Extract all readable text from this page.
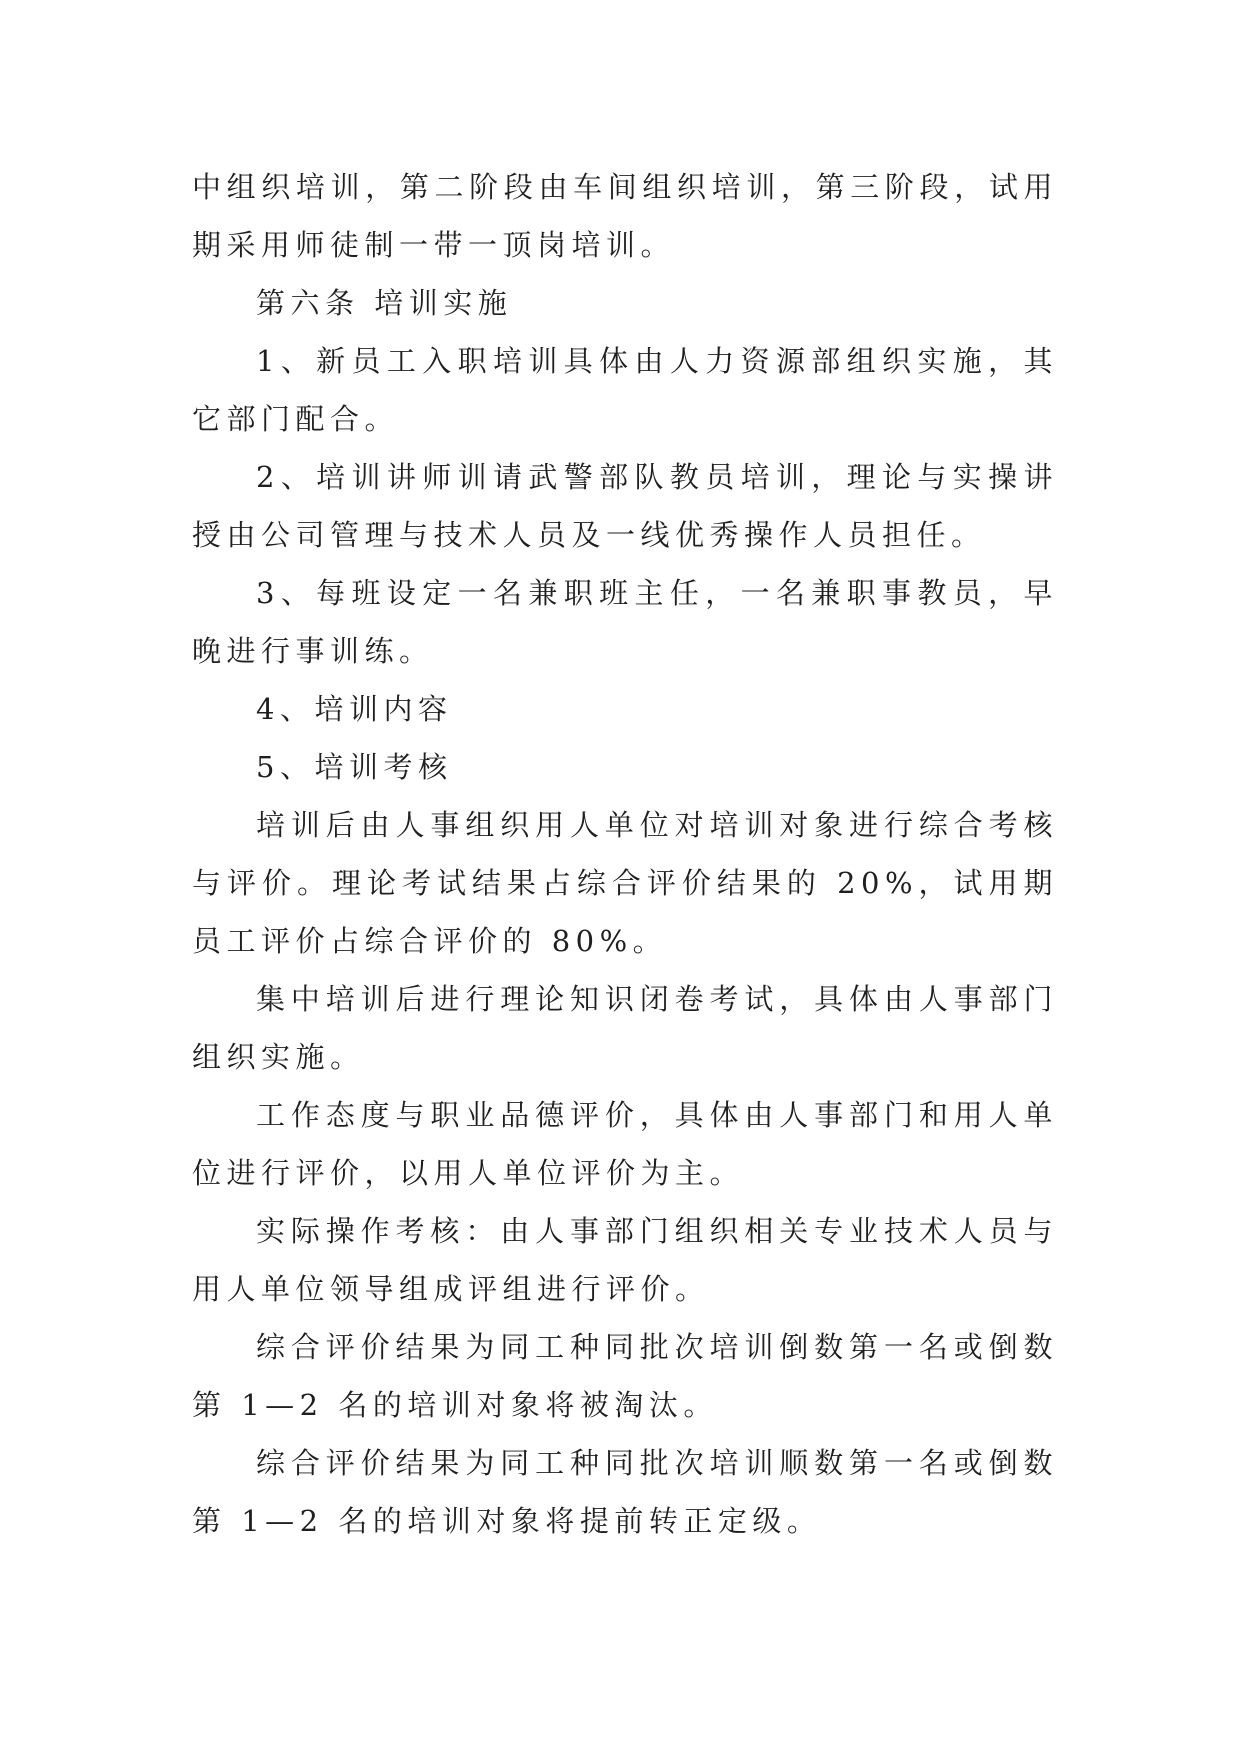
中组织培训，第二阶段由车间组织培训，第三阶段，试用期采用师徒制一带一顶岗培训。

第六条 培训实施

1、新员工入职培训具体由人力资源部组织实施，其它部门配合。

2、培训讲师训请武警部队教员培训，理论与实操讲授由公司管理与技术人员及一线优秀操作人员担任。

3、每班设定一名兼职班主任，一名兼职事教员，早晚进行事训练。

4、培训内容

5、培训考核

培训后由人事组织用人单位对培训对象进行综合考核与评价。理论考试结果占综合评价结果的 20%，试用期员工评价占综合评价的 80%。

集中培训后进行理论知识闭卷考试，具体由人事部门组织实施。

工作态度与职业品德评价，具体由人事部门和用人单位进行评价，以用人单位评价为主。

实际操作考核：由人事部门组织相关专业技术人员与用人单位领导组成评组进行评价。

综合评价结果为同工种同批次培训倒数第一名或倒数第 1—2 名的培训对象将被淘汰。

综合评价结果为同工种同批次培训顺数第一名或倒数第 1—2 名的培训对象将提前转正定级。
